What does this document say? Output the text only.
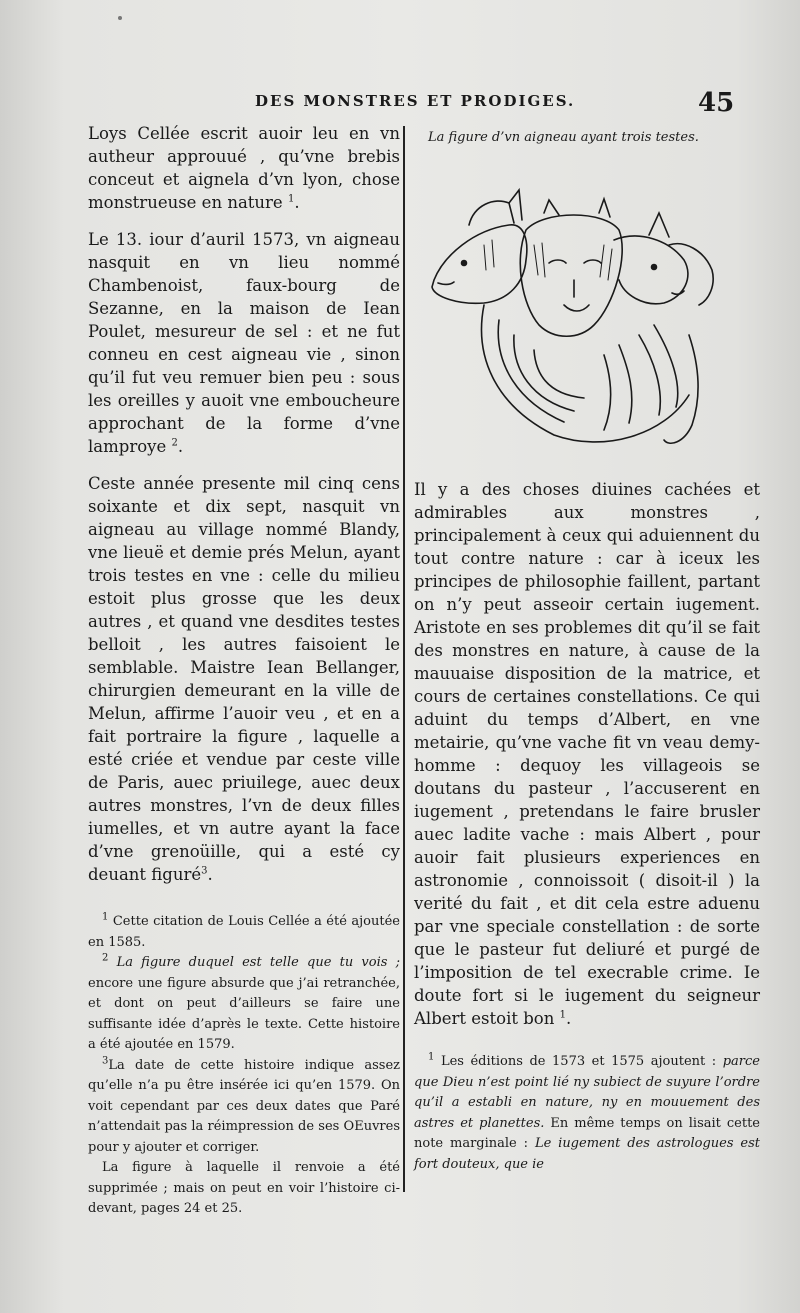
DES MONSTRES ET PRODIGES.	45

Loys Cellée escrit auoir leu en vn autheur approuué , qu’vne brebis conceut et aignela d’vn lyon, chose monstrueuse en nature $^1$.

Le 13. iour d’auril 1573, vn aigneau nasquit en vn lieu nommé Chambenoist, faux-bourg de Sezanne, en la maison de Iean Poulet, mesureur de sel : et ne fut conneu en cest aigneau vie , sinon qu’il fut veu remuer bien peu : sous les oreilles y auoit vne emboucheure approchant de la forme d’vne lamproye $^2$.

Ceste année presente mil cinq cens soixante et dix sept, nasquit vn aigneau au village nommé Blandy, vne lieuë et demie prés Melun, ayant trois testes en vne : celle du milieu estoit plus grosse que les deux autres , et quand vne desdites testes belloit , les autres faisoient le semblable. Maistre Iean Bellanger, chirurgien demeurant en la ville de Melun, affirme l’auoir veu , et en a fait portraire la figure , laquelle a esté criée et vendue par ceste ville de Paris, auec priuilege, auec deux autres monstres, l’vn de deux filles iumelles, et vn autre ayant la face d’vne grenoüille, qui a esté cy deuant figuré$^3$.

$^1$ Cette citation de Louis Cellée a été ajoutée en 1585.

$^2$ La figure duquel est telle que tu vois ; encore une figure absurde que j’ai retranchée, et dont on peut d’ailleurs se faire une suffisante idée d’après le texte. Cette histoire a été ajoutée en 1579.

$^3$La date de cette histoire indique assez qu’elle n’a pu être insérée ici qu’en 1579. On voit cependant par ces deux dates que Paré n’attendait pas la réimpression de ses OEuvres pour y ajouter et corriger.

La figure à laquelle il renvoie a été supprimée ; mais on peut en voir l’histoire ci-devant, pages 24 et 25.

La figure d’vn aigneau ayant trois testes.

Il y a des choses diuines cachées et admirables aux monstres , principalement à ceux qui aduiennent du tout contre nature : car à iceux les principes de philosophie faillent, partant on n’y peut asseoir certain iugement. Aristote en ses problemes dit qu’il se fait des monstres en nature, à cause de la mauuaise disposition de la matrice, et cours de certaines constellations. Ce qui aduint du temps d’Albert, en vne metairie, qu’vne vache fit vn veau demy-homme : dequoy les villageois se doutans du pasteur , l’accuserent en iugement , pretendans le faire brusler auec ladite vache : mais Albert , pour auoir fait plusieurs experiences en astronomie , connoissoit ( disoit-il ) la verité du fait , et dit cela estre aduenu par vne speciale constellation : de sorte que le pasteur fut deliuré et purgé de l’imposition de tel execrable crime. Ie doute fort si le iugement du seigneur Albert estoit bon $^1$.

$^1$ Les éditions de 1573 et 1575 ajoutent : parce que Dieu n’est point lié ny subiect de suyure l’ordre qu’il a establi en nature, ny en mouuement des astres et planettes. En même temps on lisait cette note marginale : Le iugement des astrologues est fort douteux, que ie
